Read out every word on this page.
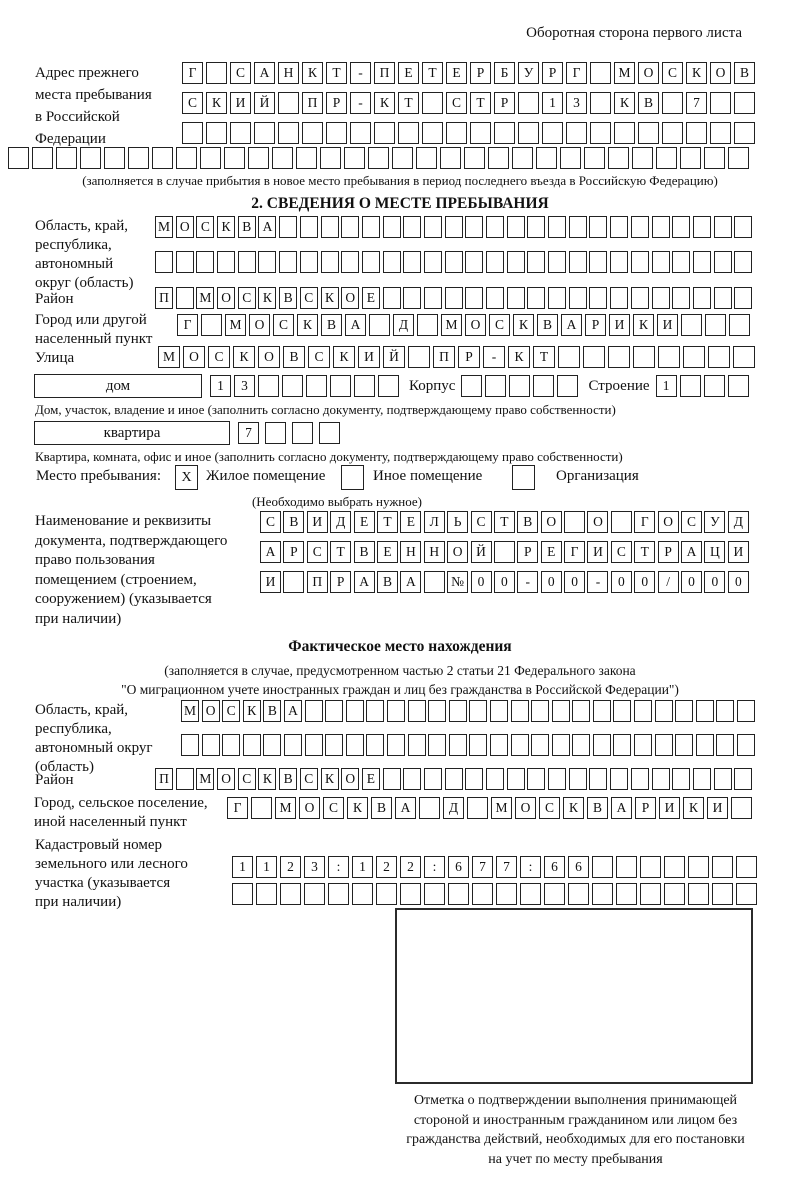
Оборотная сторона первого листа
Адрес прежнего
места пребывания
в Российской
Федерации
Г	С	А	Н	К	Т	-	П	Е	Т	Е	Р	Б	У	Р	Г	М О	С	К	О	В
С	К	И	Й	П	Р	-	К	Т	С	Т	Р	1	3	К	В	7
(заполняется в случае прибытия в новое место пребывания в период последнего въезда в Российскую Федерацию)
2. СВЕДЕНИЯ О МЕСТЕ ПРЕБЫВАНИЯ
Область, край,
республика,
автономный
округ (область)
М О С К В А
Район	П	М О С К В С К О Е
Город или другой
населенный пункт
Г	М О	С	К	В	А	Д	М О	С	К	В	А	Р	И	К	И
Улица	М	О	С	К	О	В	С	К	И	Й	П	Р	-	К	Т
дом	1	3	Корпус	Строение 1
Дом, участок, владение и иное (заполнить согласно документу, подтверждающему право собственности)
квартира	7
Квартира, комната, офис и иное (заполнить согласно документу, подтверждающему право собственности)
Место пребывания:	X Жилое помещение	Иное помещение	Организация
(Необходимо выбрать нужное)
Наименование и реквизиты
документа, подтверждающего
право пользования
помещением (строением,
сооружением) (указывается
при наличии)
С	В	И	Д	Е	Т	Е	Л	Ь	С	Т	В	О	О	Г	О	С	У	Д
А	Р	С	Т	В	Е	Н	Н	О	Й	Р	Е	Г	И	С	Т	Р	А	Ц	И
И	П	Р	А	В	А	№	0	0	-	0	0	-	0	0	/	0	0	0
Фактическое место нахождения
(заполняется в случае, предусмотренном частью 2 статьи 21 Федерального закона
"О миграционном учете иностранных граждан и лиц без гражданства в Российской Федерации")
Область, край,
республика,
автономный округ
(область)
М О С К В А
Район	П	М О С К В С К О Е
Город, сельское поселение,
иной населенный пункт
Г	М О	С	К	В	А	Д	М О	С	К	В	А	Р	И	К	И
Кадастровый номер
земельного или лесного
участка (указывается
при наличии)
1	1	2	3	:	1	2	2	:	6	7	7	:	6	6
Отметка о подтверждении выполнения принимающей
стороной и иностранным гражданином или лицом без
гражданства действий, необходимых для его постановки
на учет по месту пребывания
